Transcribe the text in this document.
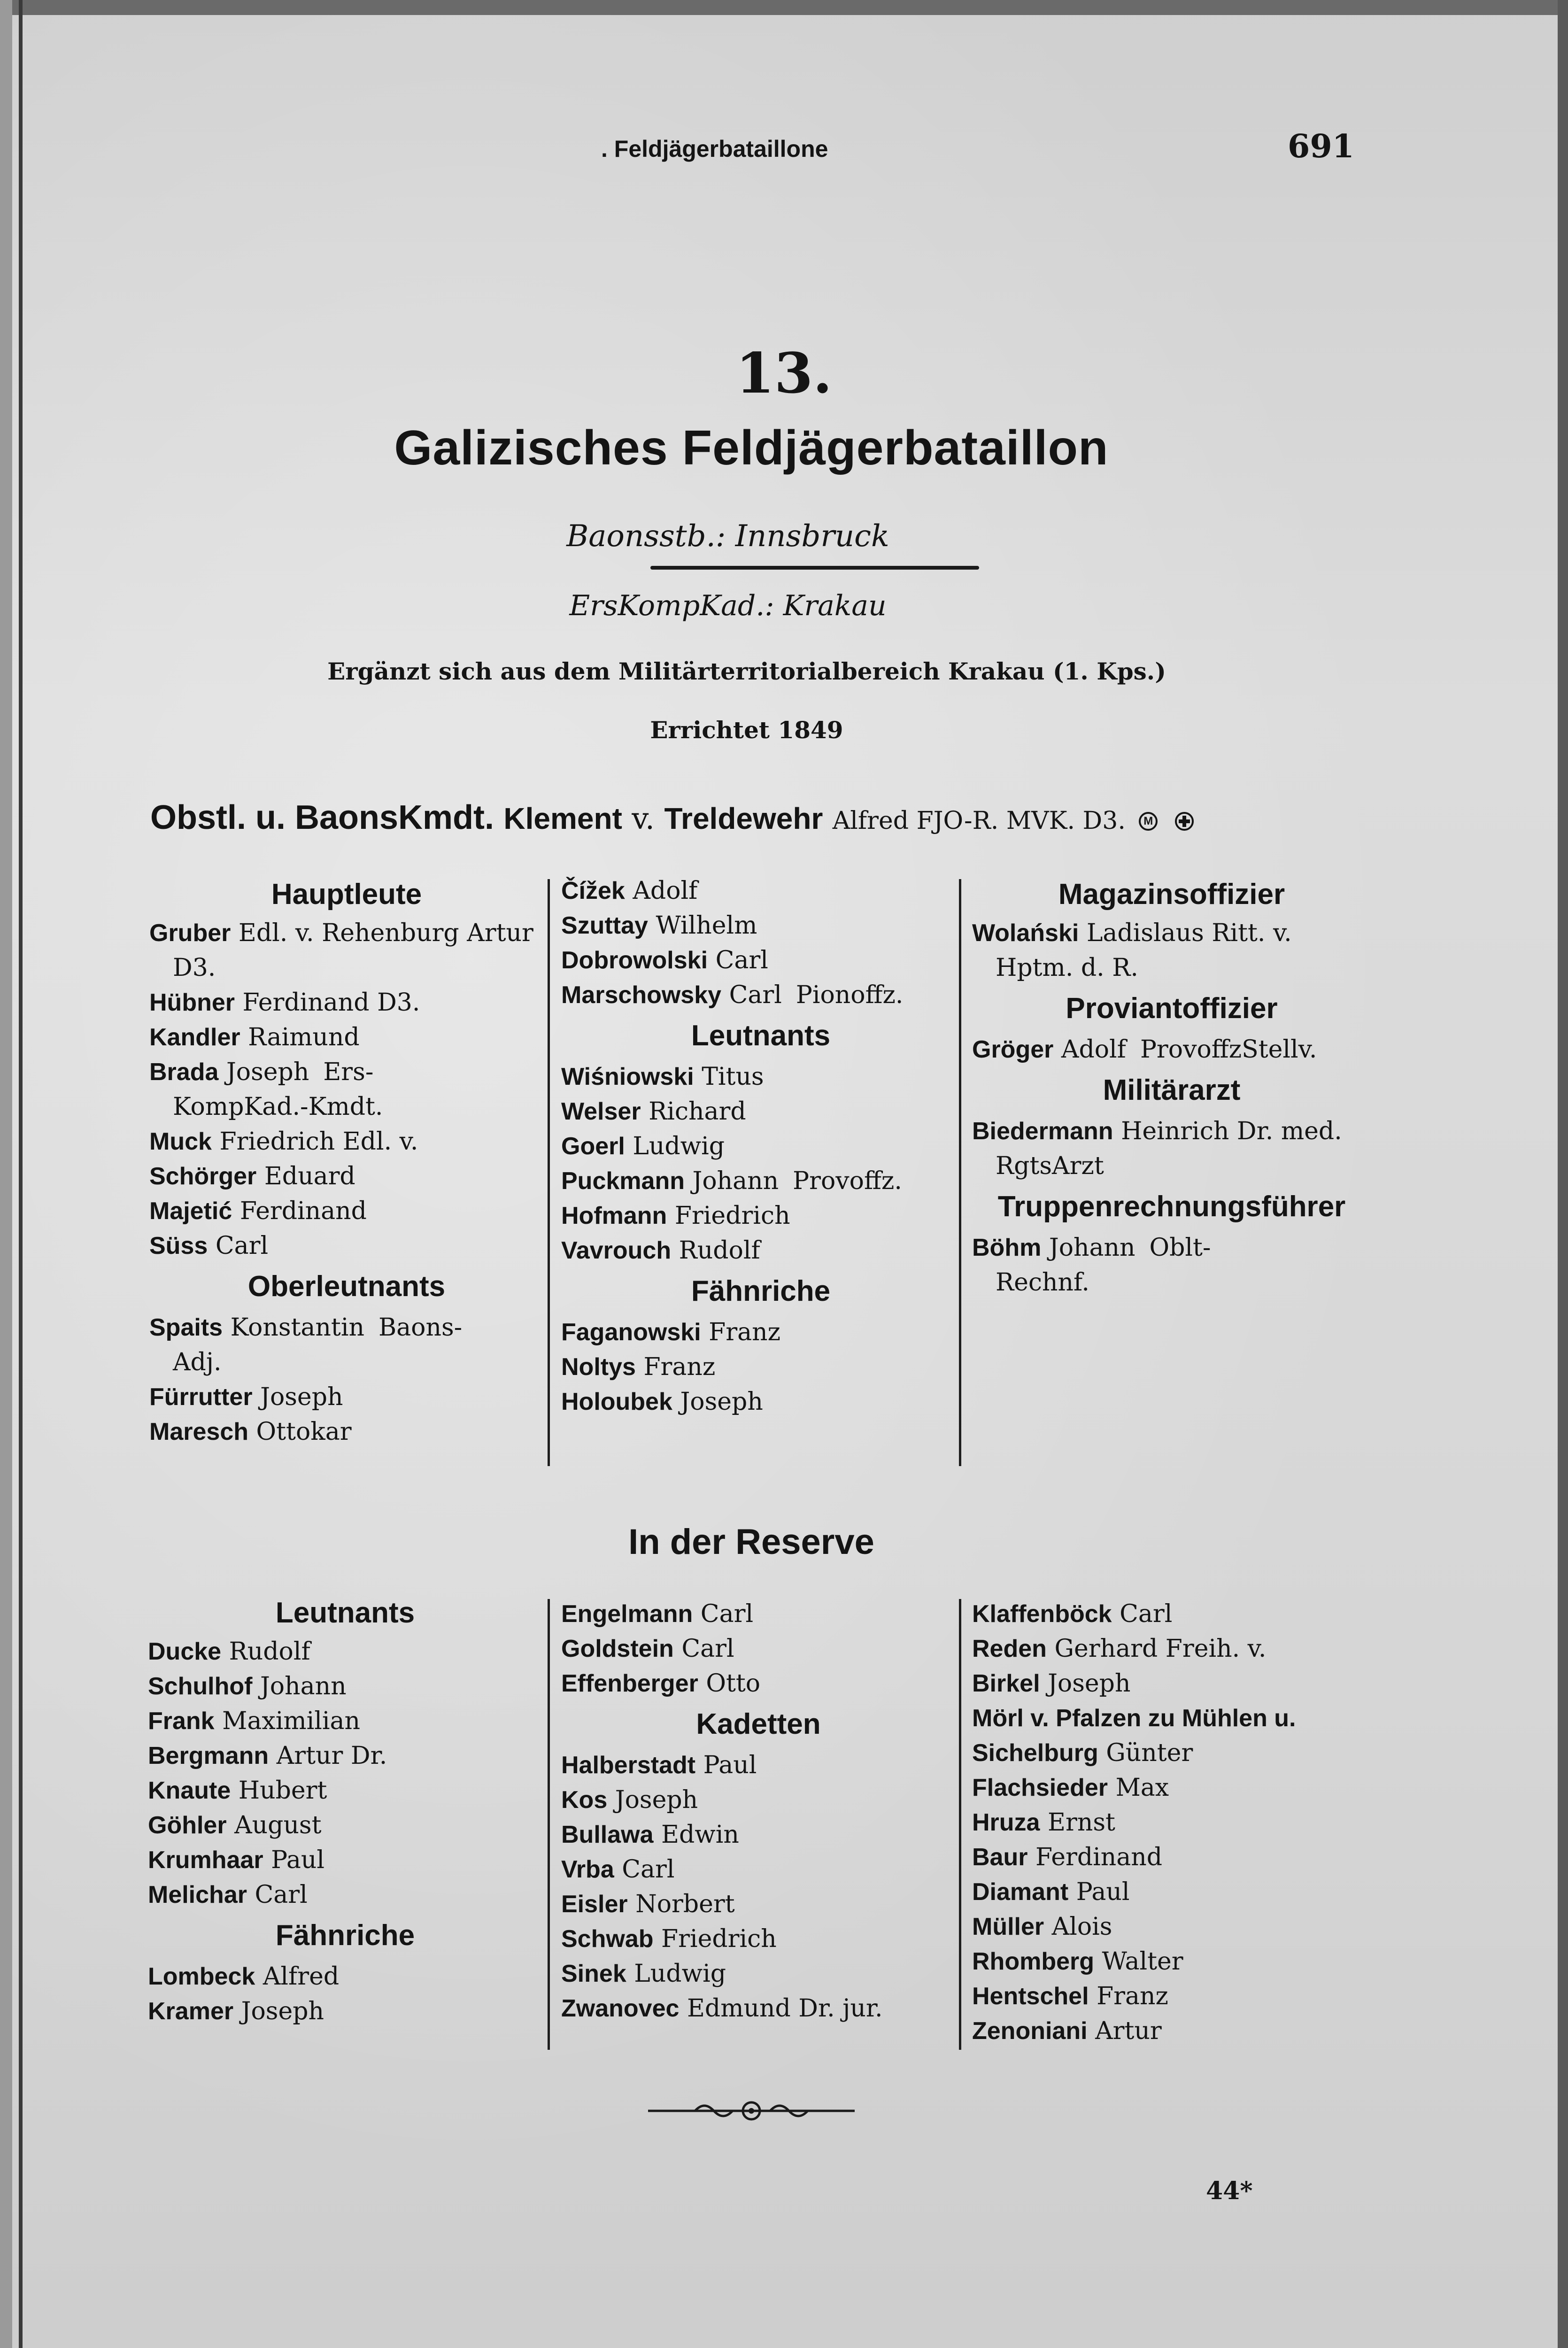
. Feldjägerbataillone	691
13.
Galizisches Feldjägerbataillon
Baonsstb.: Innsbruck
ErsKompKad.: Krakau
Ergänzt sich aus dem Militärterritorialbereich Krakau (1. Kps.)
Errichtet 1849
Obstl. u. BaonsKmdt. Klement v. Treldewehr Alfred FJO-R. MVK. D3. M
Hauptleute
Gruber Edl. v. Rehenburg Artur
D3.
Hübner Ferdinand D3.
Kandler Raimund
Brada Joseph Ers-
KompKad.-Kmdt.
Muck Friedrich Edl. v.
Schörger Eduard
Majetić Ferdinand
Süss Carl
Oberleutnants
Spaits Konstantin Baons-
Adj.
Fürrutter Joseph
Maresch Ottokar
Čížek Adolf
Szuttay Wilhelm
Dobrowolski Carl
Marschowsky Carl Pionoffz.
Leutnants
Wiśniowski Titus
Welser Richard
Goerl Ludwig
Puckmann Johann Provoffz.
Hofmann Friedrich
Vavrouch Rudolf
Fähnriche
Faganowski Franz
Noltys Franz
Holoubek Joseph
Magazinsoffizier
Wolański Ladislaus Ritt. v.
Hptm. d. R.
Proviantoffizier
Gröger Adolf ProvoffzStellv.
Militärarzt
Biedermann Heinrich Dr. med.
RgtsArzt
Truppenrechnungsführer
Böhm Johann Oblt-
Rechnf.
In der Reserve
Leutnants
Ducke Rudolf
Schulhof Johann
Frank Maximilian
Bergmann Artur Dr.
Knaute Hubert
Göhler August
Krumhaar Paul
Melichar Carl
Fähnriche
Lombeck Alfred
Kramer Joseph
Engelmann Carl
Goldstein Carl
Effenberger Otto
Kadetten
Halberstadt Paul
Kos Joseph
Bullawa Edwin
Vrba Carl
Eisler Norbert
Schwab Friedrich
Sinek Ludwig
Zwanovec Edmund Dr. jur.
Klaffenböck Carl
Reden Gerhard Freih. v.
Birkel Joseph
Mörl v. Pfalzen zu Mühlen u.
Sichelburg Günter
Flachsieder Max
Hruza Ernst
Baur Ferdinand
Diamant Paul
Müller Alois
Rhomberg Walter
Hentschel Franz
Zenoniani Artur
44*
